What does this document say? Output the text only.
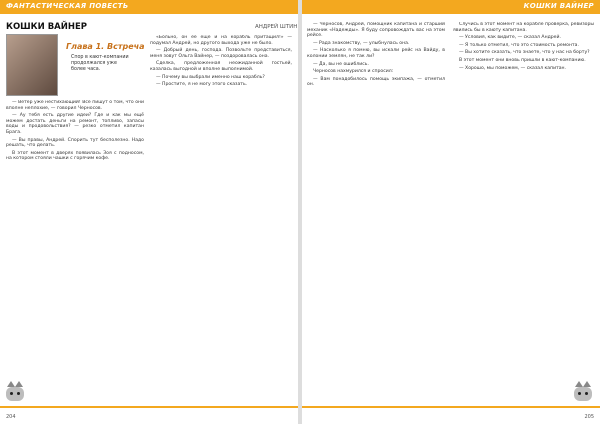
ФАНТАСТИЧЕСКАЯ ПОВЕСТЬ	КОШКИ ВАЙНЕР
КОШКИ ВАЙНЕР	АНДРЕЙ ШТИН
Глава 1. Встреча
Спор в кают-компании продолжался уже более часа.

— Ветер уже нестихающий! Все пишут о том, что они вполне неплохие, — говорил Черносов.

— Ау тебя есть другие идеи? Где и как мы ещё можем достать деньги на ремонт, топливо, запасы воды и продовольствия? — резко отметил капитан Брага.

— Вы правы, Андрей. Спорить тут бесполезно. Надо решать, что делать.

В этот момент в дверях появилась Зоя с подносом, на котором стояли чашки с горячим кофе.

«Больно, он её ещё и на корабль притащил!» — подумал Андрей, но другого выхода уже не было.

— Добрый день, господа. Позвольте представиться, меня зовут Ольга Вайнер, — поздоровалась она.

Сделка, предложенная неожиданной гостьей, казалась выгодной и вполне выполнимой.

— Почему вы выбрали именно наш корабль?

— Простите, я не могу этого сказать.

— Черносов, Андрей, помощник капитана и старший механик «Надежды». Я буду сопровождать вас на этом рейсе.

— Рада знакомству, — улыбнулась она.

— Насколько я помню, вы искали рейс на Вайду, в колонии землян, не так ли?

— Да, вы не ошиблись.

Черносов нахмурился и спросил:

— Вам понадобилось помощь экипажа, — отметил он.

Случись в этот момент на корабле проверка, ревизоры явились бы в каюту капитана.

— Условия, как видите, — сказал Андрей.

— Я только отметил, что это стоимость ремонта.

— Вы хотите сказать, что знаете, что у нас на борту?

В этот момент они вновь пришли в кают-компанию.

— Хорошо, мы поможем, — сказал капитан.

204	205
